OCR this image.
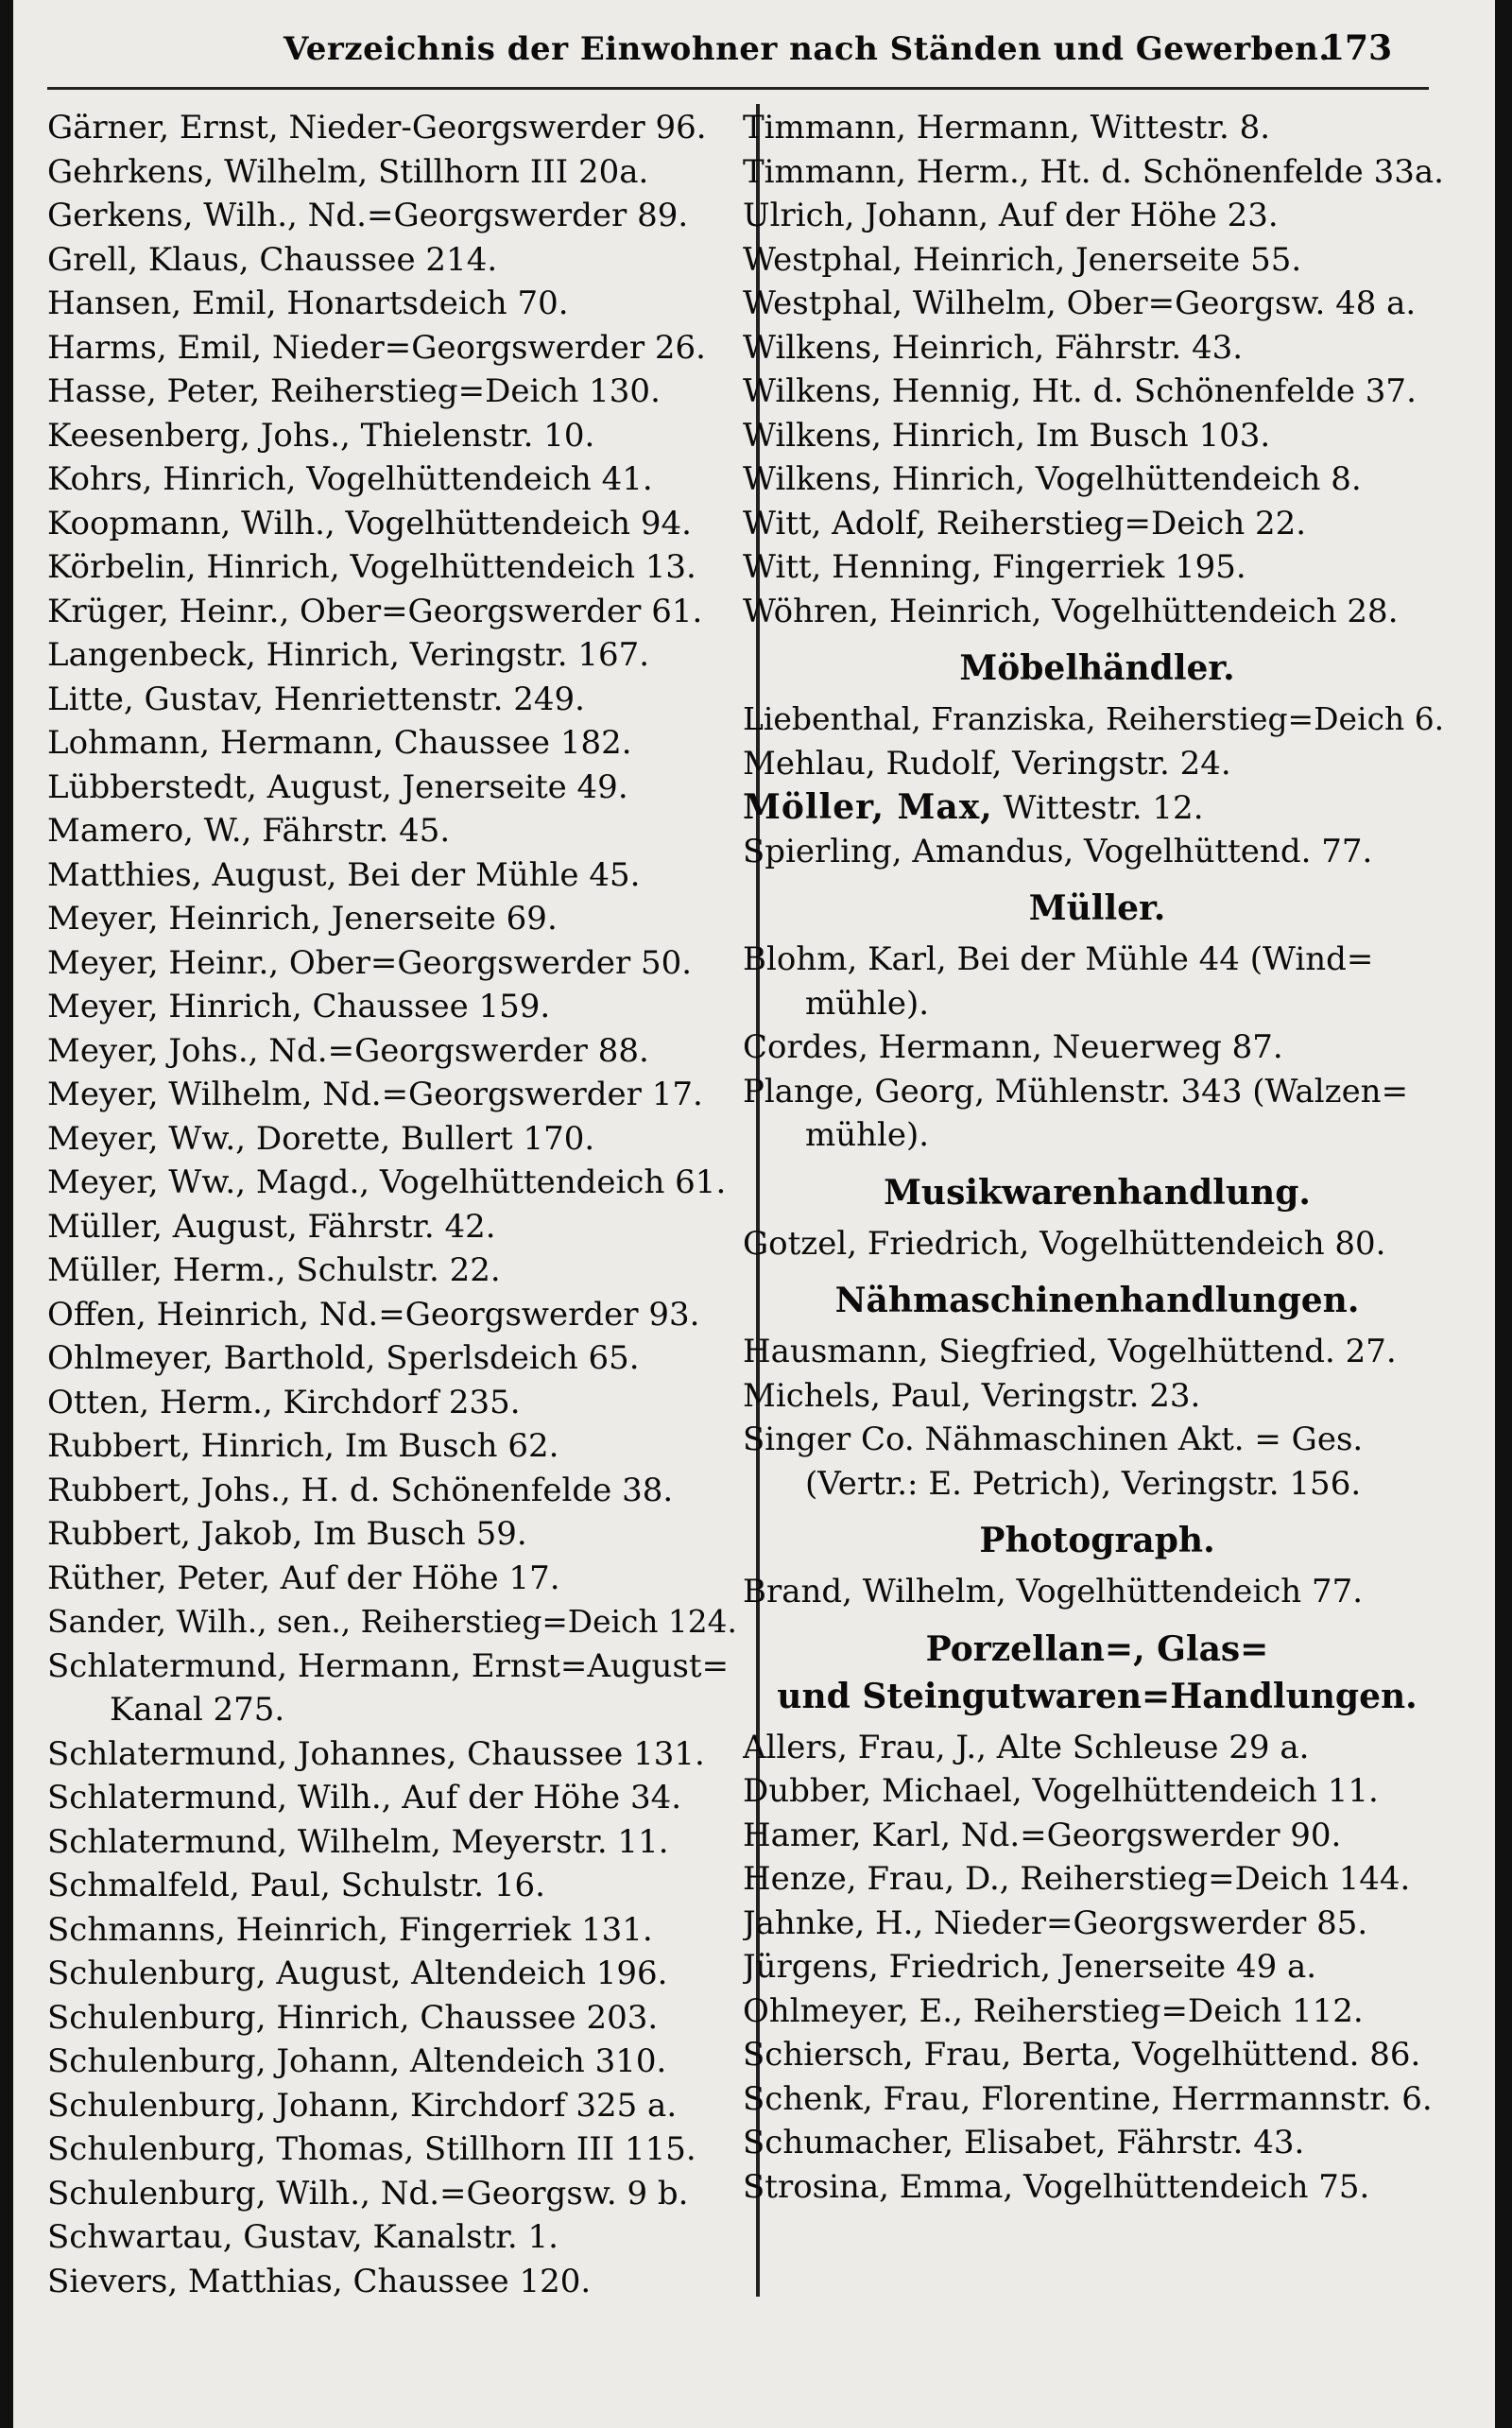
Verzeichnis der Einwohner nach Ständen und Gewerben.
173
Gärner, Ernst, Nieder-Georgswerder 96.
Gehrkens, Wilhelm, Stillhorn III 20a.
Gerkens, Wilh., Nd.=Georgswerder 89.
Grell, Klaus, Chaussee 214.
Hansen, Emil, Honartsdeich 70.
Harms, Emil, Nieder=Georgswerder 26.
Hasse, Peter, Reiherstieg=Deich 130.
Keesenberg, Johs., Thielenstr. 10.
Kohrs, Hinrich, Vogelhüttendeich 41.
Koopmann, Wilh., Vogelhüttendeich 94.
Körbelin, Hinrich, Vogelhüttendeich 13.
Krüger, Heinr., Ober=Georgswerder 61.
Langenbeck, Hinrich, Veringstr. 167.
Litte, Gustav, Henriettenstr. 249.
Lohmann, Hermann, Chaussee 182.
Lübberstedt, August, Jenerseite 49.
Mamero, W., Fährstr. 45.
Matthies, August, Bei der Mühle 45.
Meyer, Heinrich, Jenerseite 69.
Meyer, Heinr., Ober=Georgswerder 50.
Meyer, Hinrich, Chaussee 159.
Meyer, Johs., Nd.=Georgswerder 88.
Meyer, Wilhelm, Nd.=Georgswerder 17.
Meyer, Ww., Dorette, Bullert 170.
Meyer, Ww., Magd., Vogelhüttendeich 61.
Müller, August, Fährstr. 42.
Müller, Herm., Schulstr. 22.
Offen, Heinrich, Nd.=Georgswerder 93.
Ohlmeyer, Barthold, Sperlsdeich 65.
Otten, Herm., Kirchdorf 235.
Rubbert, Hinrich, Im Busch 62.
Rubbert, Johs., H. d. Schönenfelde 38.
Rubbert, Jakob, Im Busch 59.
Rüther, Peter, Auf der Höhe 17.
Sander, Wilh., sen., Reiherstieg=Deich 124.
Schlatermund, Hermann, Ernst=August=
Kanal 275.
Schlatermund, Johannes, Chaussee 131.
Schlatermund, Wilh., Auf der Höhe 34.
Schlatermund, Wilhelm, Meyerstr. 11.
Schmalfeld, Paul, Schulstr. 16.
Schmanns, Heinrich, Fingerriek 131.
Schulenburg, August, Altendeich 196.
Schulenburg, Hinrich, Chaussee 203.
Schulenburg, Johann, Altendeich 310.
Schulenburg, Johann, Kirchdorf 325 a.
Schulenburg, Thomas, Stillhorn III 115.
Schulenburg, Wilh., Nd.=Georgsw. 9 b.
Schwartau, Gustav, Kanalstr. 1.
Sievers, Matthias, Chaussee 120.
Timmann, Hermann, Wittestr. 8.
Timmann, Herm., Ht. d. Schönenfelde 33a.
Ulrich, Johann, Auf der Höhe 23.
Westphal, Heinrich, Jenerseite 55.
Westphal, Wilhelm, Ober=Georgsw. 48 a.
Wilkens, Heinrich, Fährstr. 43.
Wilkens, Hennig, Ht. d. Schönenfelde 37.
Wilkens, Hinrich, Im Busch 103.
Wilkens, Hinrich, Vogelhüttendeich 8.
Witt, Adolf, Reiherstieg=Deich 22.
Witt, Henning, Fingerriek 195.
Wöhren, Heinrich, Vogelhüttendeich 28.
Möbelhändler.
Liebenthal, Franziska, Reiherstieg=Deich 6.
Mehlau, Rudolf, Veringstr. 24.
Möller, Max, Wittestr. 12.
Spierling, Amandus, Vogelhüttend. 77.
Müller.
Blohm, Karl, Bei der Mühle 44 (Wind=
mühle).
Cordes, Hermann, Neuerweg 87.
Plange, Georg, Mühlenstr. 343 (Walzen=
mühle).
Musikwarenhandlung.
Gotzel, Friedrich, Vogelhüttendeich 80.
Nähmaschinenhandlungen.
Hausmann, Siegfried, Vogelhüttend. 27.
Michels, Paul, Veringstr. 23.
Singer Co. Nähmaschinen Akt. = Ges.
(Vertr.: E. Petrich), Veringstr. 156.
Photograph.
Brand, Wilhelm, Vogelhüttendeich 77.
Porzellan=, Glas=
und Steingutwaren=Handlungen.
Allers, Frau, J., Alte Schleuse 29 a.
Dubber, Michael, Vogelhüttendeich 11.
Hamer, Karl, Nd.=Georgswerder 90.
Henze, Frau, D., Reiherstieg=Deich 144.
Jahnke, H., Nieder=Georgswerder 85.
Jürgens, Friedrich, Jenerseite 49 a.
Ohlmeyer, E., Reiherstieg=Deich 112.
Schiersch, Frau, Berta, Vogelhüttend. 86.
Schenk, Frau, Florentine, Herrmannstr. 6.
Schumacher, Elisabet, Fährstr. 43.
Strosina, Emma, Vogelhüttendeich 75.
